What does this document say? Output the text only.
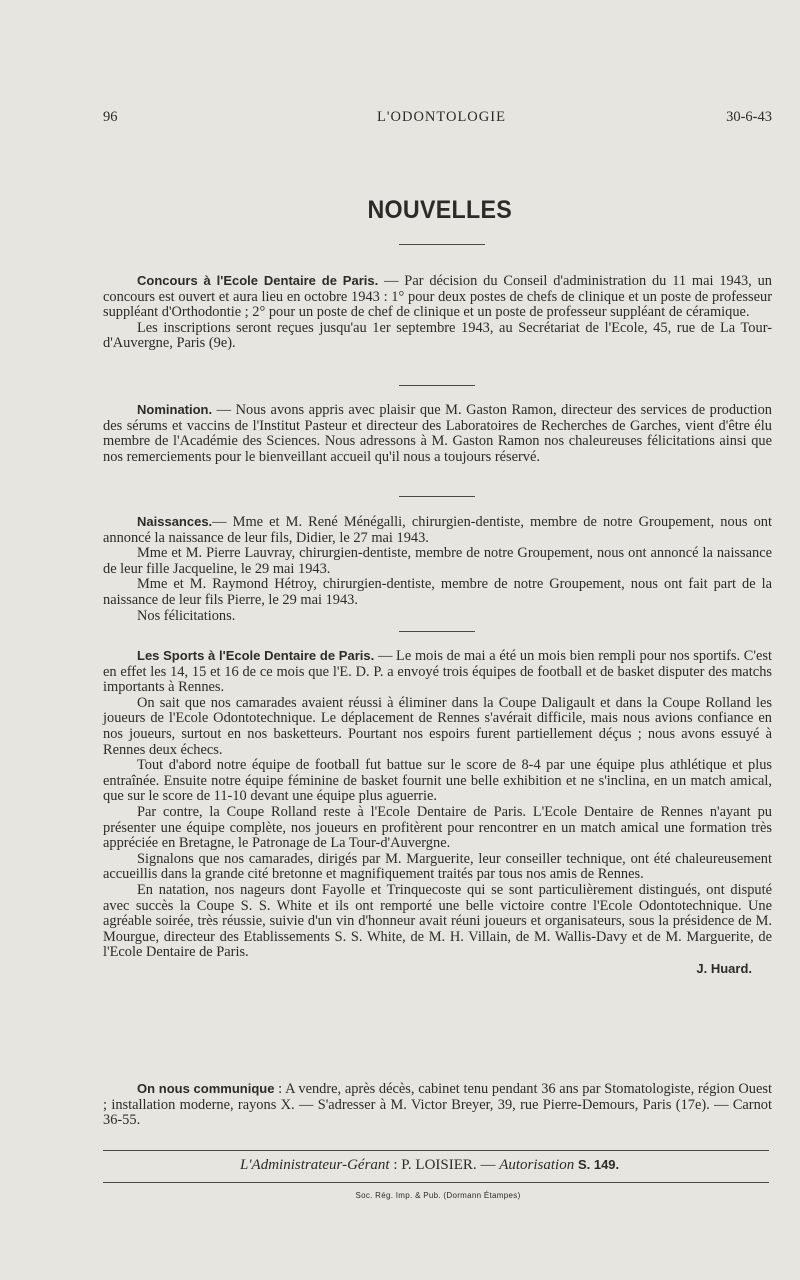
96	L'ODONTOLOGIE	30-6-43
NOUVELLES

Concours à l'Ecole Dentaire de Paris. — Par décision du Conseil d'administration du 11 mai 1943, un concours est ouvert et aura lieu en octobre 1943 : 1° pour deux postes de chefs de clinique et un poste de professeur suppléant d'Orthodontie ; 2° pour un poste de chef de clinique et un poste de professeur suppléant de céramique.

Les inscriptions seront reçues jusqu'au 1er septembre 1943, au Secrétariat de l'Ecole, 45, rue de La Tour-d'Auvergne, Paris (9e).

Nomination. — Nous avons appris avec plaisir que M. Gaston Ramon, directeur des services de production des sérums et vaccins de l'Institut Pasteur et directeur des Laboratoires de Recherches de Garches, vient d'être élu membre de l'Académie des Sciences. Nous adressons à M. Gaston Ramon nos chaleureuses félicitations ainsi que nos remerciements pour le bienveillant accueil qu'il nous a toujours réservé.

Naissances.— Mme et M. René Ménégalli, chirurgien-dentiste, membre de notre Groupement, nous ont annoncé la naissance de leur fils, Didier, le 27 mai 1943.

Mme et M. Pierre Lauvray, chirurgien-dentiste, membre de notre Groupement, nous ont annoncé la naissance de leur fille Jacqueline, le 29 mai 1943.

Mme et M. Raymond Hétroy, chirurgien-dentiste, membre de notre Groupement, nous ont fait part de la naissance de leur fils Pierre, le 29 mai 1943.

Nos félicitations.

Les Sports à l'Ecole Dentaire de Paris. — Le mois de mai a été un mois bien rempli pour nos sportifs. C'est en effet les 14, 15 et 16 de ce mois que l'E. D. P. a envoyé trois équipes de football et de basket disputer des matchs importants à Rennes.

On sait que nos camarades avaient réussi à éliminer dans la Coupe Daligault et dans la Coupe Rolland les joueurs de l'Ecole Odontotechnique. Le déplacement de Rennes s'avérait difficile, mais nous avions confiance en nos joueurs, surtout en nos basketteurs. Pourtant nos espoirs furent partiellement déçus ; nous avons essuyé à Rennes deux échecs.

Tout d'abord notre équipe de football fut battue sur le score de 8-4 par une équipe plus athlétique et plus entraînée. Ensuite notre équipe féminine de basket fournit une belle exhibition et ne s'inclina, en un match amical, que sur le score de 11-10 devant une équipe plus aguerrie.

Par contre, la Coupe Rolland reste à l'Ecole Dentaire de Paris. L'Ecole Dentaire de Rennes n'ayant pu présenter une équipe complète, nos joueurs en profitèrent pour rencontrer en un match amical une formation très appréciée en Bretagne, le Patronage de La Tour-d'Auvergne.

Signalons que nos camarades, dirigés par M. Marguerite, leur conseiller technique, ont été chaleureusement accueillis dans la grande cité bretonne et magnifiquement traités par tous nos amis de Rennes.

En natation, nos nageurs dont Fayolle et Trinquecoste qui se sont particulièrement distingués, ont disputé avec succès la Coupe S. S. White et ils ont remporté une belle victoire contre l'Ecole Odontotechnique. Une agréable soirée, très réussie, suivie d'un vin d'honneur avait réuni joueurs et organisateurs, sous la présidence de M. Mourgue, directeur des Etablissements S. S. White, de M. H. Villain, de M. Wallis-Davy et de M. Marguerite, de l'Ecole Dentaire de Paris.

J. Huard.

On nous communique : A vendre, après décès, cabinet tenu pendant 36 ans par Stomatologiste, région Ouest ; installation moderne, rayons X. — S'adresser à M. Victor Breyer, 39, rue Pierre-Demours, Paris (17e). — Carnot 36-55.

L'Administrateur-Gérant : P. LOISIER. — Autorisation S. 149.
Soc. Rég. Imp. & Pub. (Dormann Étampes)
